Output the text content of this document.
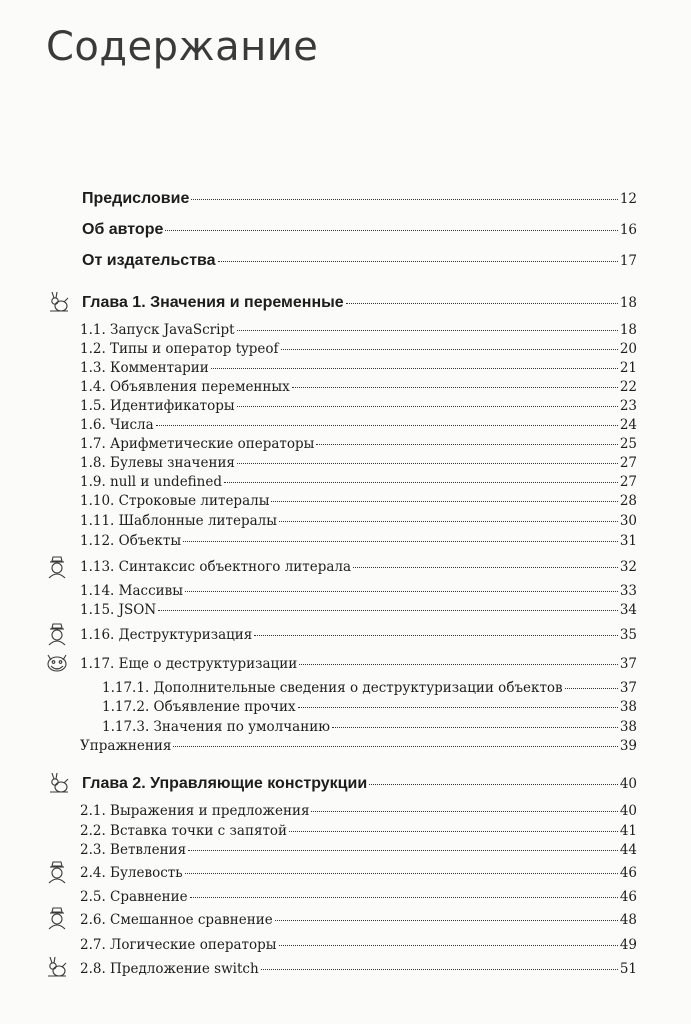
Содержание
Предисловие	12
Об авторе	16
От издательства	17
Глава 1. Значения и переменные	18
1.1. Запуск JavaScript	18
1.2. Типы и оператор typeof	20
1.3. Комментарии	21
1.4. Объявления переменных	22
1.5. Идентификаторы	23
1.6. Числа	24
1.7. Арифметические операторы	25
1.8. Булевы значения	27
1.9. null и undefined	27
1.10. Строковые литералы	28
1.11. Шаблонные литералы	30
1.12. Объекты	31
1.13. Синтаксис объектного литерала	32
1.14. Массивы	33
1.15. JSON	34
1.16. Деструктуризация	35
1.17. Еще о деструктуризации	37
1.17.1. Дополнительные сведения о деструктуризации объектов	37
1.17.2. Объявление прочих	38
1.17.3. Значения по умолчанию	38
Упражнения	39
Глава 2. Управляющие конструкции	40
2.1. Выражения и предложения	40
2.2. Вставка точки с запятой	41
2.3. Ветвления	44
2.4. Булевость	46
2.5. Сравнение	46
2.6. Смешанное сравнение	48
2.7. Логические операторы	49
2.8. Предложение switch	51
